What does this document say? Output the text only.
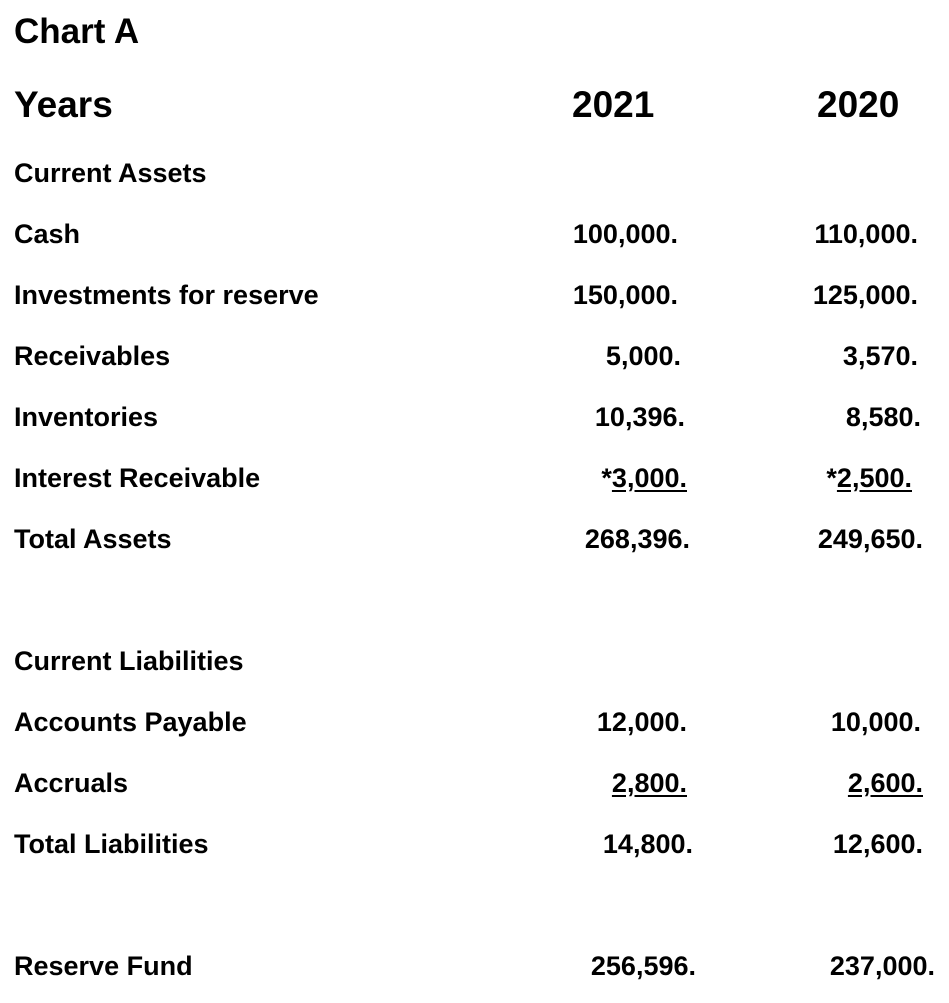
Chart A
Years	2021	2020
Current Assets
Cash	100,000.	110,000.
Investments for reserve	150,000.	125,000.
Receivables	5,000.	3,570.
Inventories	10,396.	8,580.
Interest Receivable	*3,000.	*2,500.
Total Assets	268,396.	249,650.
Current Liabilities
Accounts Payable	12,000.	10,000.
Accruals	2,800.	2,600.
Total Liabilities	14,800.	12,600.
Reserve Fund	256,596.	237,000.
